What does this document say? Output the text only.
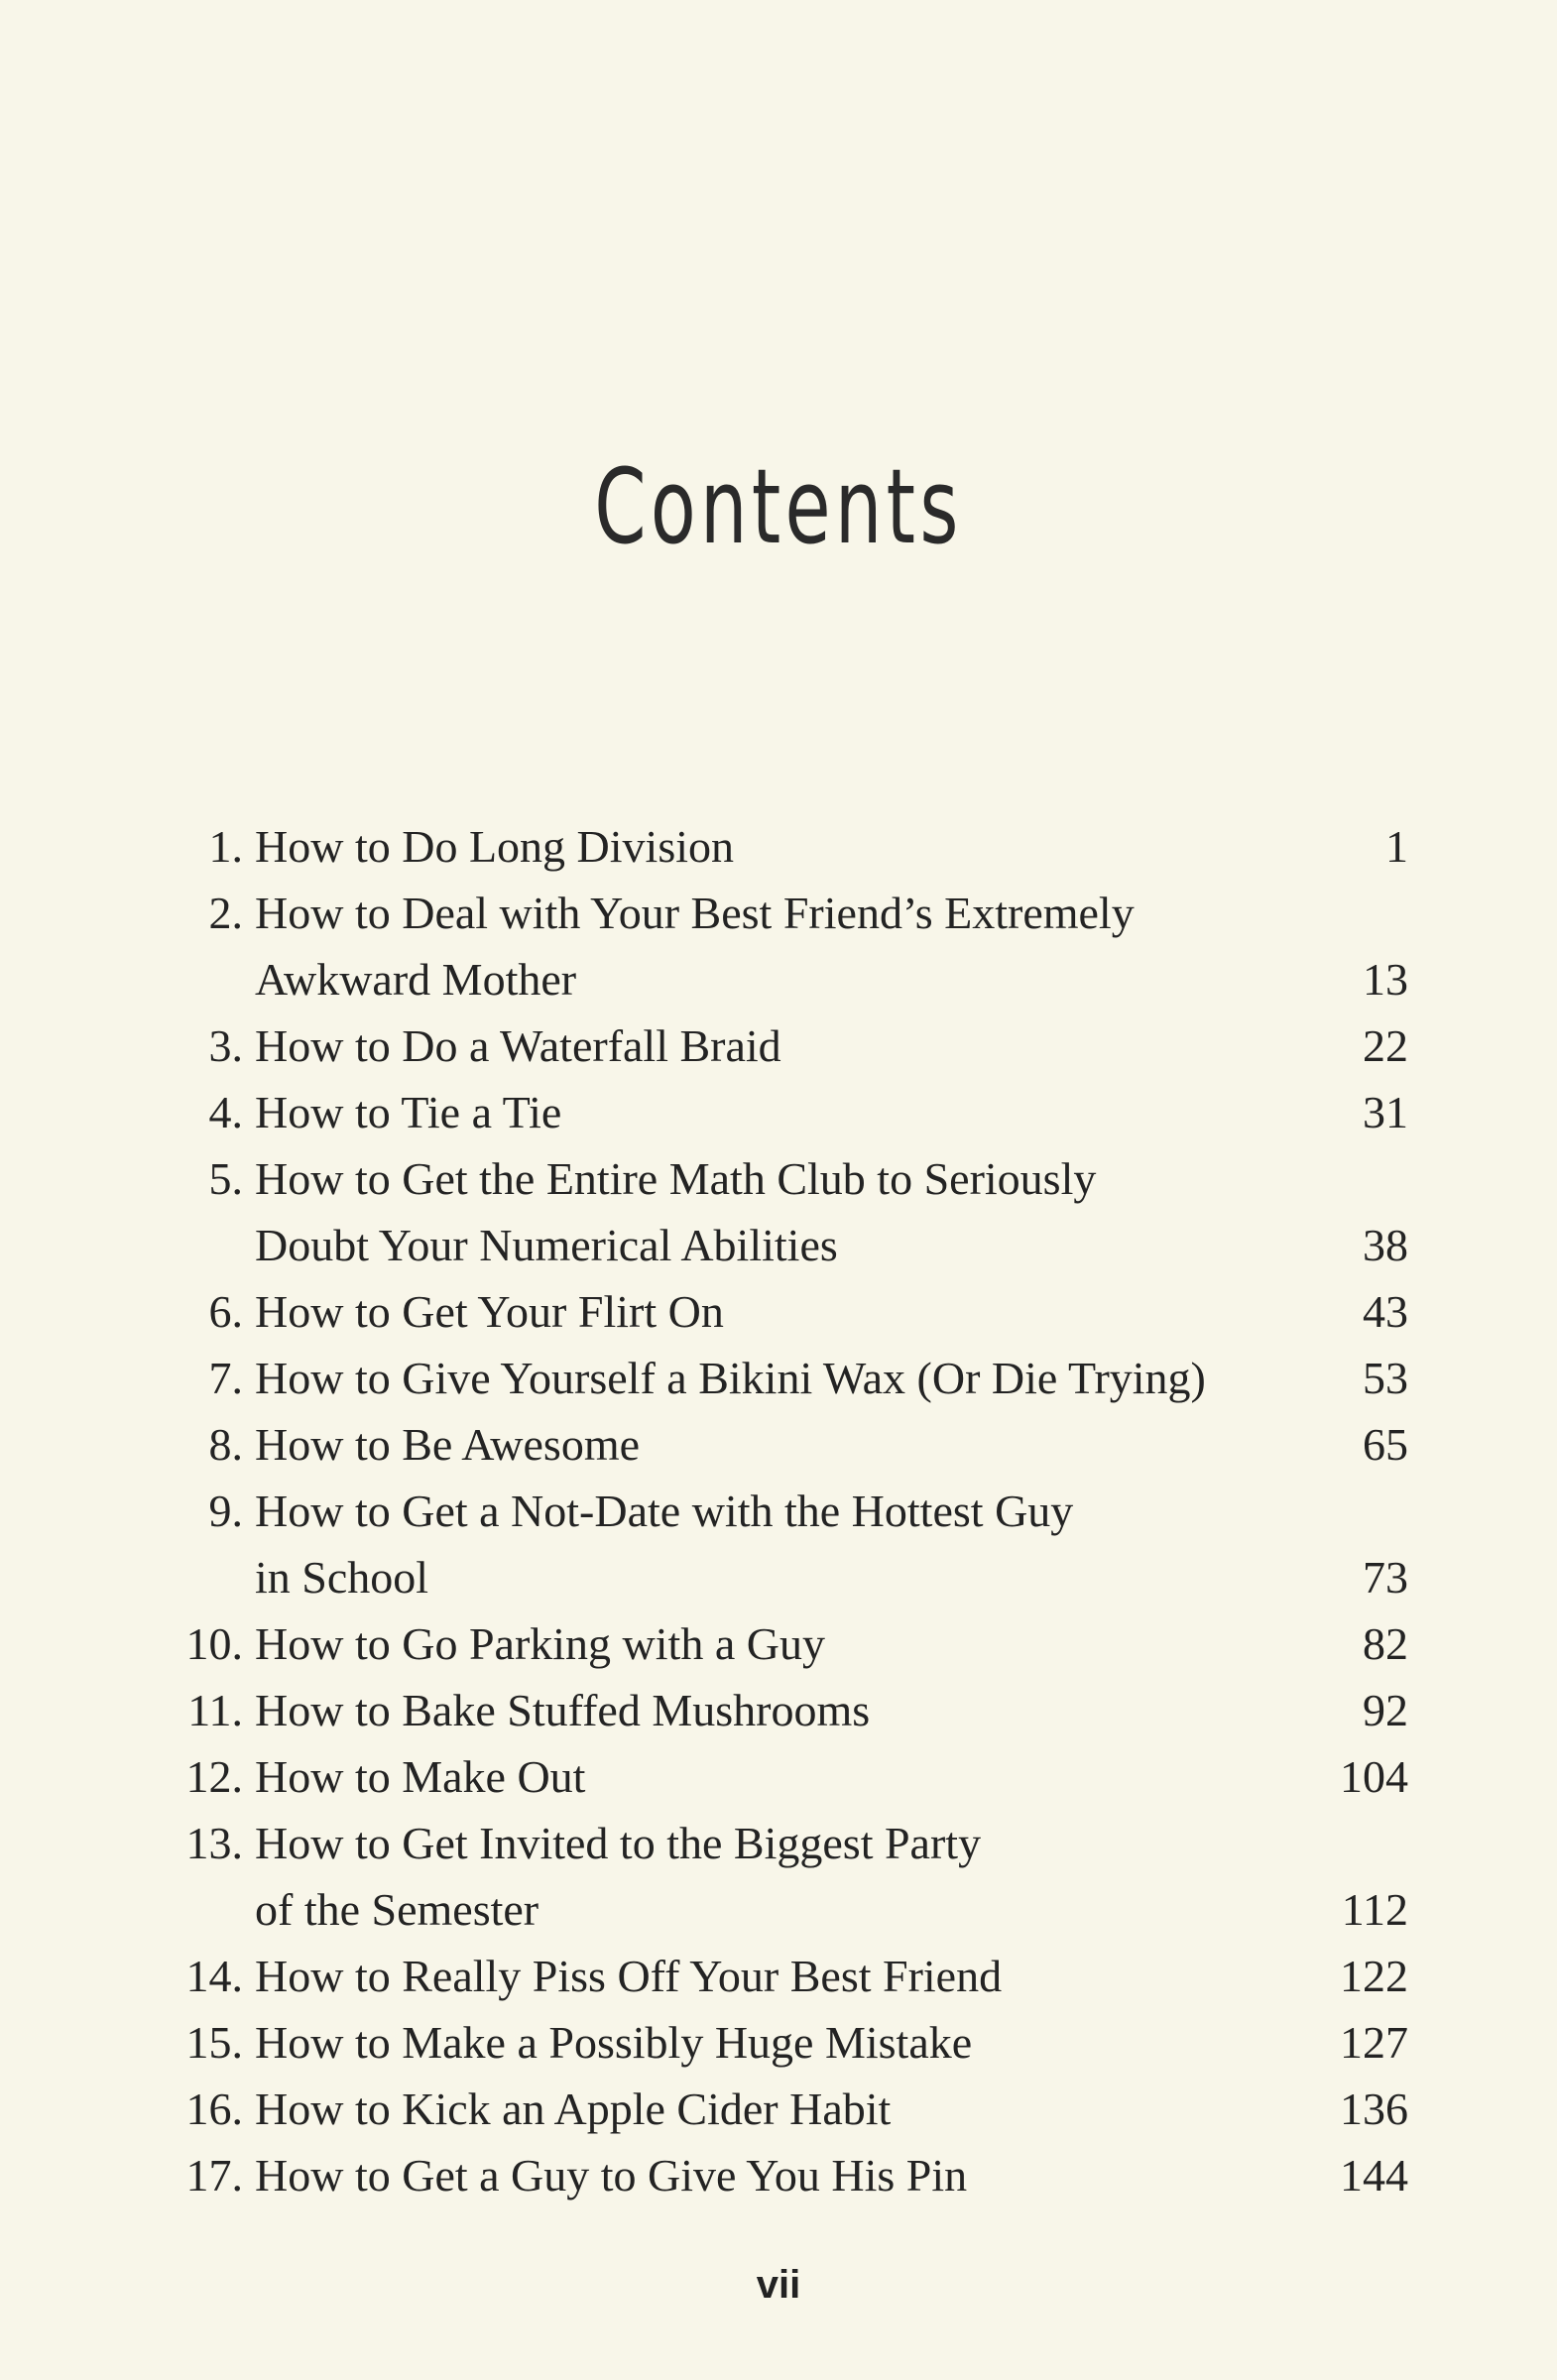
Contents
1. How to Do Long Division	1
2. How to Deal with Your Best Friend’s Extremely
Awkward Mother	13
3. How to Do a Waterfall Braid	22
4. How to Tie a Tie	31
5. How to Get the Entire Math Club to Seriously
Doubt Your Numerical Abilities	38
6. How to Get Your Flirt On	43
7. How to Give Yourself a Bikini Wax (Or Die Trying)	53
8. How to Be Awesome	65
9. How to Get a Not-Date with the Hottest Guy
in School	73
10. How to Go Parking with a Guy	82
11. How to Bake Stuffed Mushrooms	92
12. How to Make Out	104
13. How to Get Invited to the Biggest Party
of the Semester	112
14. How to Really Piss Off Your Best Friend	122
15. How to Make a Possibly Huge Mistake	127
16. How to Kick an Apple Cider Habit	136
17. How to Get a Guy to Give You His Pin	144
vii
